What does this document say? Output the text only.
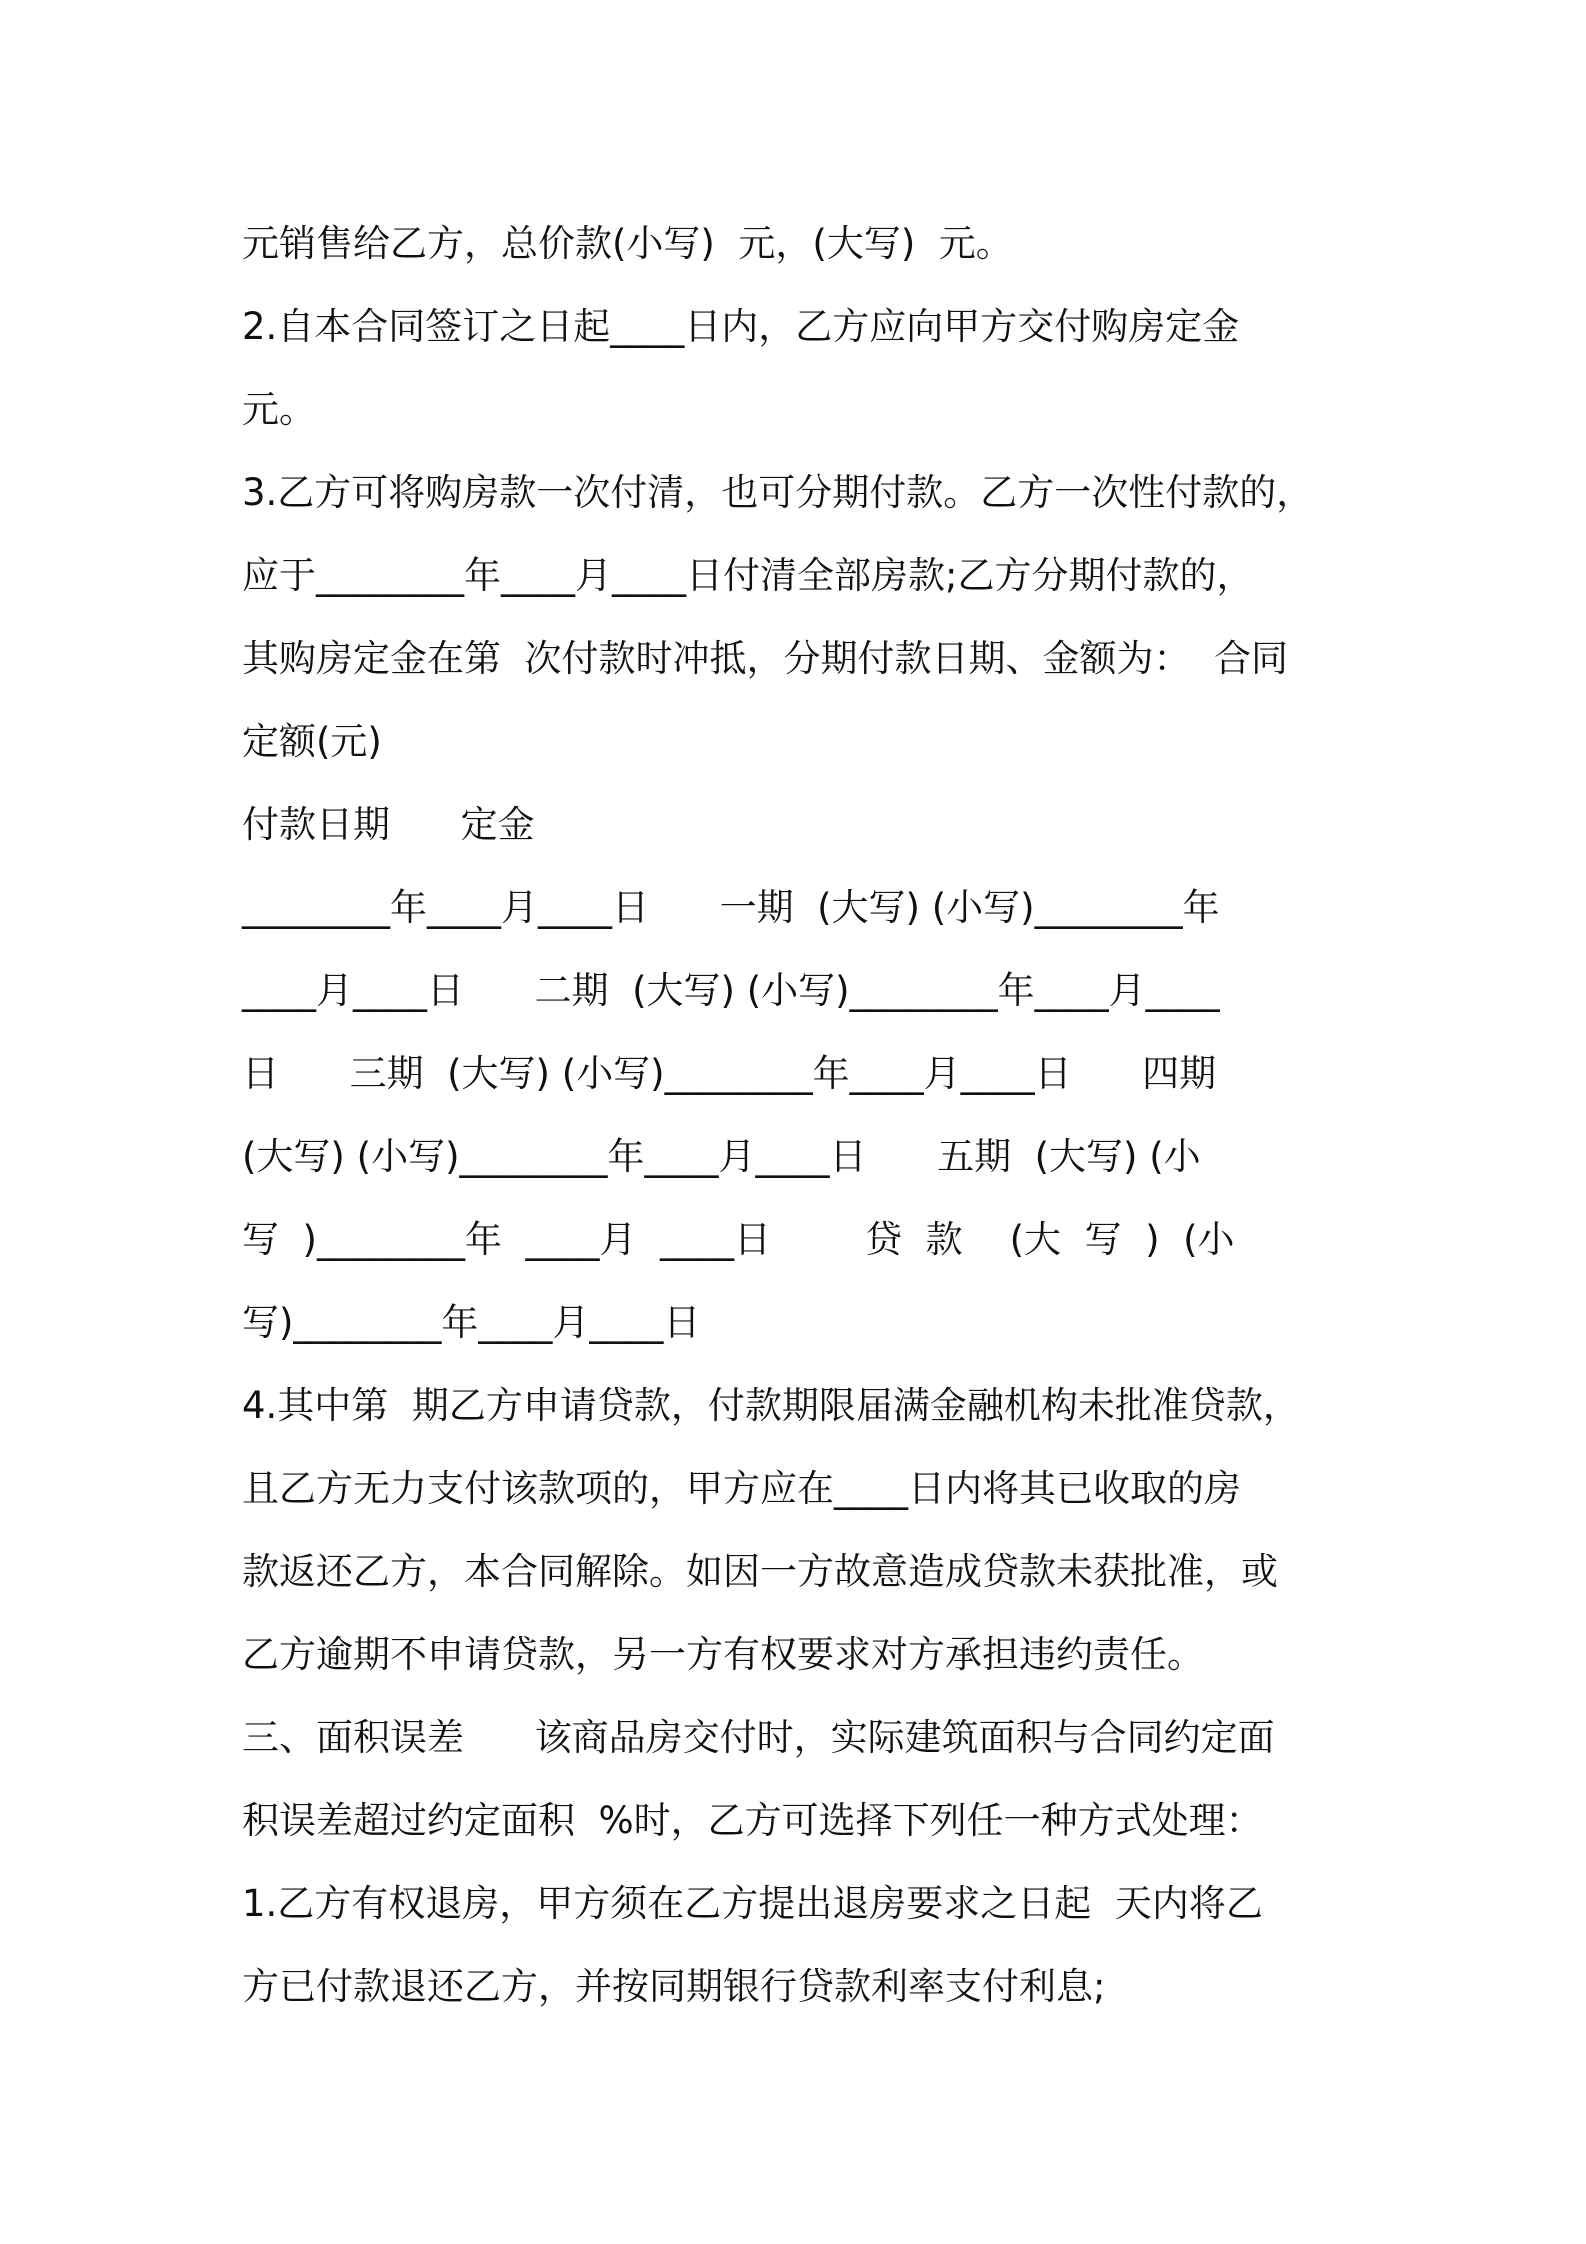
元销售给乙方，总价款(小写)  元，(大写)  元。
2.自本合同签订之日起____日内，乙方应向甲方交付购房定金
元。
3.乙方可将购房款一次付清，也可分期付款。乙方一次性付款的，
应于________年____月____日付清全部房款;乙方分期付款的，
其购房定金在第  次付款时冲抵，分期付款日期、金额为：  合同
定额(元)
付款日期      定金
________年____月____日      一期  (大写) (小写)________年
____月____日      二期  (大写) (小写)________年____月____
日      三期  (大写) (小写)________年____月____日      四期
(大写) (小写)________年____月____日      五期  (大写) (小
写  )________年  ____月  ____日        贷  款    (大  写  )  (小
写)________年____月____日
4.其中第  期乙方申请贷款，付款期限届满金融机构未批准贷款，
且乙方无力支付该款项的，甲方应在____日内将其已收取的房
款返还乙方，本合同解除。如因一方故意造成贷款未获批准，或
乙方逾期不申请贷款，另一方有权要求对方承担违约责任。
三、面积误差      该商品房交付时，实际建筑面积与合同约定面
积误差超过约定面积  %时，乙方可选择下列任一种方式处理：
1.乙方有权退房，甲方须在乙方提出退房要求之日起  天内将乙
方已付款退还乙方，并按同期银行贷款利率支付利息;
